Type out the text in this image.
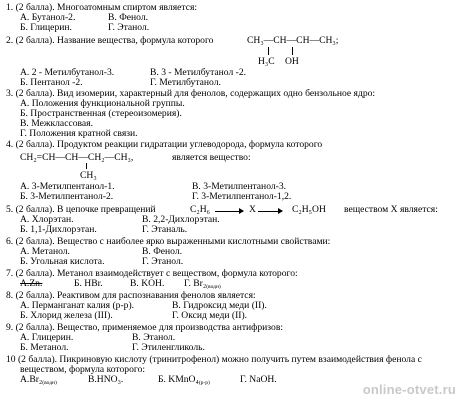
1. (2 балла). Многоатомным спиртом является:
А. Бутанол-2.	В. Фенол.
Б. Глицерин.	Г. Этанол.
2. (2 балла). Название вещества, формула которого	CH₃—CH—CH—CH₃;
H₃C OH
А. 2 - Метилбутанол-3.	В. 3 - Метилбутанол -2.
Б. Пентанол -2.	Г. Метилбутанол.
3. (2 балла). Вид изомерии, характерный для фенолов, содержащих одно бензольное ядро:
А. Положения функциональной группы.
Б. Пространственная (стереоизомерия).
В. Межклассовая.
Г. Положения кратной связи.
4. (2 балла). Продуктом реакции гидратации углеводорода, формула которого
CH₂=CH—CH—CH₂—CH₃,	является вещество:
CH₃
А. 3-Метилпентанол-1.	В. 3-Метилпентанол-3.
Б. 3-Метилпентанол-2.	Г. 3-Метилпентанол-1,2.
5. (2 балла). В цепочке превращений	C₂H₆	X	C₂H₅OH веществом X является:
А. Хлорэтан.	В. 2,2-Дихлорэтан.
Б. 1,1-Дихлорэтан.	Г. Этаналь.
6. (2 балла). Вещество с наиболее ярко выраженными кислотными свойствами:
А. Метанол.	В. Фенол.
Б. Угольная кислота.	Г. Этанол.
7. (2 балла). Метанол взаимодействует с веществом, формула которого:
А.Zn.	Б. HBr.	В. KOH. Г. $Br_2_{(водн)}$
8. (2 балла). Реактивом для распознавания фенолов является:
А. Перманганат калия (р-р).	В. Гидроксид меди (II).
Б. Хлорид железа (III).	Г. Оксид меди (II).
9. (2 балла). Вещество, применяемое для производства антифризов:
А. Глицерин.	В. Этанол.
Б. Метанол.	Г. Этиленгликоль.
10 (2 балла). Пикриновую кислоту (тринитрофенол) можно получить путем взаимодействия фенола с
веществом, формула которого:
$А.Br_2_{(водн)}$	В.HNO₃.	Б. $KMnO_4_{(р-р)}$	Г. NaOH.
online-otvet.ru
